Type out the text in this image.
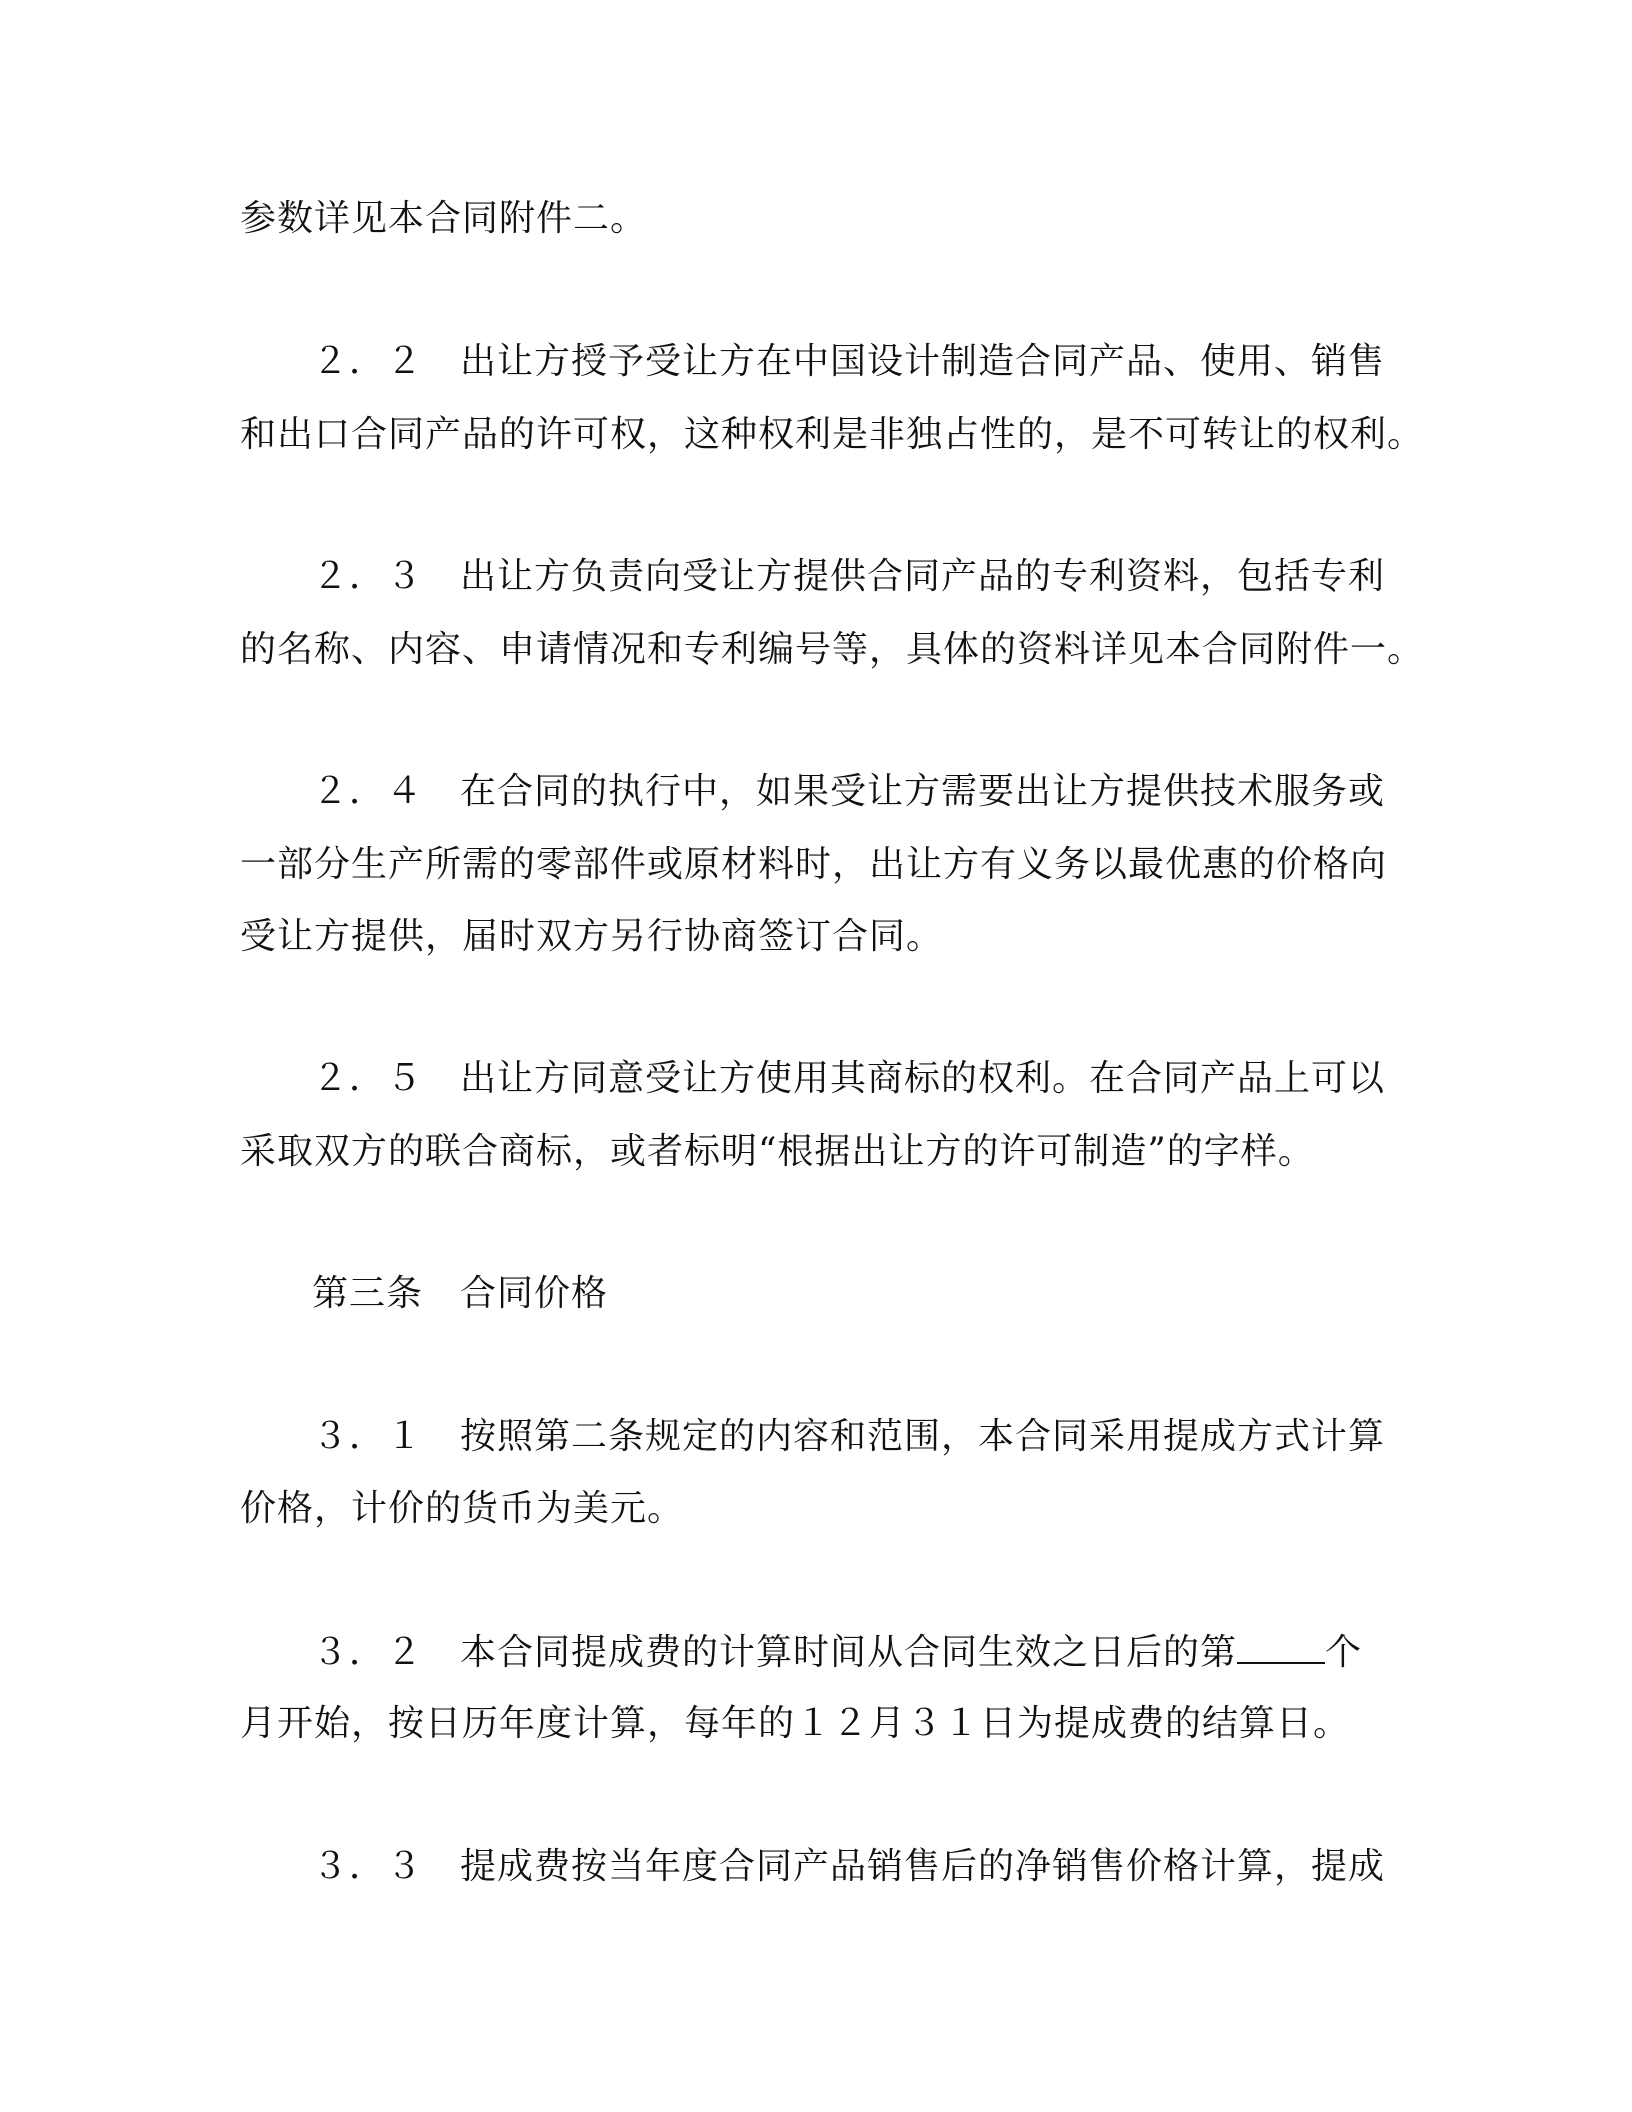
参数详见本合同附件二。
２．２　出让方授予受让方在中国设计制造合同产品、使用、销售
和出口合同产品的许可权，这种权利是非独占性的，是不可转让的权利。
２．３　出让方负责向受让方提供合同产品的专利资料，包括专利
的名称、内容、申请情况和专利编号等，具体的资料详见本合同附件一。
２．４　在合同的执行中，如果受让方需要出让方提供技术服务或
一部分生产所需的零部件或原材料时，出让方有义务以最优惠的价格向
受让方提供，届时双方另行协商签订合同。
２．５　出让方同意受让方使用其商标的权利。在合同产品上可以
采取双方的联合商标，或者标明“根据出让方的许可制造”的字样。
第三条　合同价格
３．１　按照第二条规定的内容和范围，本合同采用提成方式计算
价格，计价的货币为美元。
３．２　本合同提成费的计算时间从合同生效之日后的第 个
月开始，按日历年度计算，每年的１２月３１日为提成费的结算日。
３．３　提成费按当年度合同产品销售后的净销售价格计算，提成
